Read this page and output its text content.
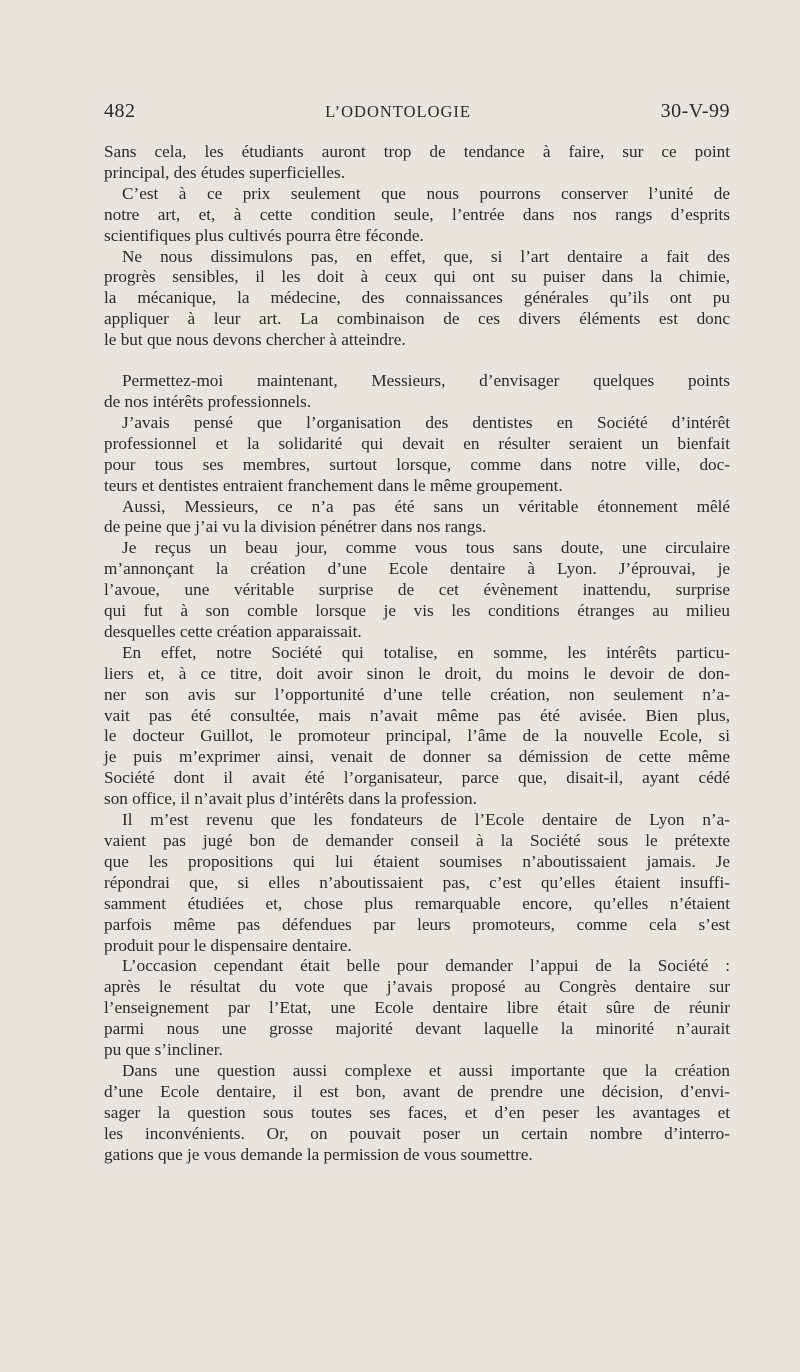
482	L’ODONTOLOGIE	30-V-99

Sans cela, les étudiants auront trop de tendance à faire, sur ce point

principal, des études superficielles.

C’est à ce prix seulement que nous pourrons conserver l’unité de

notre art, et, à cette condition seule, l’entrée dans nos rangs d’esprits

scientifiques plus cultivés pourra être féconde.

Ne nous dissimulons pas, en effet, que, si l’art dentaire a fait des

progrès sensibles, il les doit à ceux qui ont su puiser dans la chimie,

la mécanique, la médecine, des connaissances générales qu’ils ont pu

appliquer à leur art. La combinaison de ces divers éléments est donc

le but que nous devons chercher à atteindre.

Permettez-moi maintenant, Messieurs, d’envisager quelques points

de nos intérêts professionnels.

J’avais pensé que l’organisation des dentistes en Société d’intérêt

professionnel et la solidarité qui devait en résulter seraient un bienfait

pour tous ses membres, surtout lorsque, comme dans notre ville, doc-

teurs et dentistes entraient franchement dans le même groupement.

Aussi, Messieurs, ce n’a pas été sans un véritable étonnement mêlé

de peine que j’ai vu la division pénétrer dans nos rangs.

Je reçus un beau jour, comme vous tous sans doute, une circulaire

m’annonçant la création d’une Ecole dentaire à Lyon. J’éprouvai, je

l’avoue, une véritable surprise de cet évènement inattendu, surprise

qui fut à son comble lorsque je vis les conditions étranges au milieu

desquelles cette création apparaissait.

En effet, notre Société qui totalise, en somme, les intérêts particu-

liers et, à ce titre, doit avoir sinon le droit, du moins le devoir de don-

ner son avis sur l’opportunité d’une telle création, non seulement n’a-

vait pas été consultée, mais n’avait même pas été avisée. Bien plus,

le docteur Guillot, le promoteur principal, l’âme de la nouvelle Ecole, si

je puis m’exprimer ainsi, venait de donner sa démission de cette même

Société dont il avait été l’organisateur, parce que, disait-il, ayant cédé

son office, il n’avait plus d’intérêts dans la profession.

Il m’est revenu que les fondateurs de l’Ecole dentaire de Lyon n’a-

vaient pas jugé bon de demander conseil à la Société sous le prétexte

que les propositions qui lui étaient soumises n’aboutissaient jamais. Je

répondrai que, si elles n’aboutissaient pas, c’est qu’elles étaient insuffi-

samment étudiées et, chose plus remarquable encore, qu’elles n’étaient

parfois même pas défendues par leurs promoteurs, comme cela s’est

produit pour le dispensaire dentaire.

L’occasion cependant était belle pour demander l’appui de la Société :

après le résultat du vote que j’avais proposé au Congrès dentaire sur

l’enseignement par l’Etat, une Ecole dentaire libre était sûre de réunir

parmi nous une grosse majorité devant laquelle la minorité n’aurait

pu que s’incliner.

Dans une question aussi complexe et aussi importante que la création

d’une Ecole dentaire, il est bon, avant de prendre une décision, d’envi-

sager la question sous toutes ses faces, et d’en peser les avantages et

les inconvénients. Or, on pouvait poser un certain nombre d’interro-

gations que je vous demande la permission de vous soumettre.
